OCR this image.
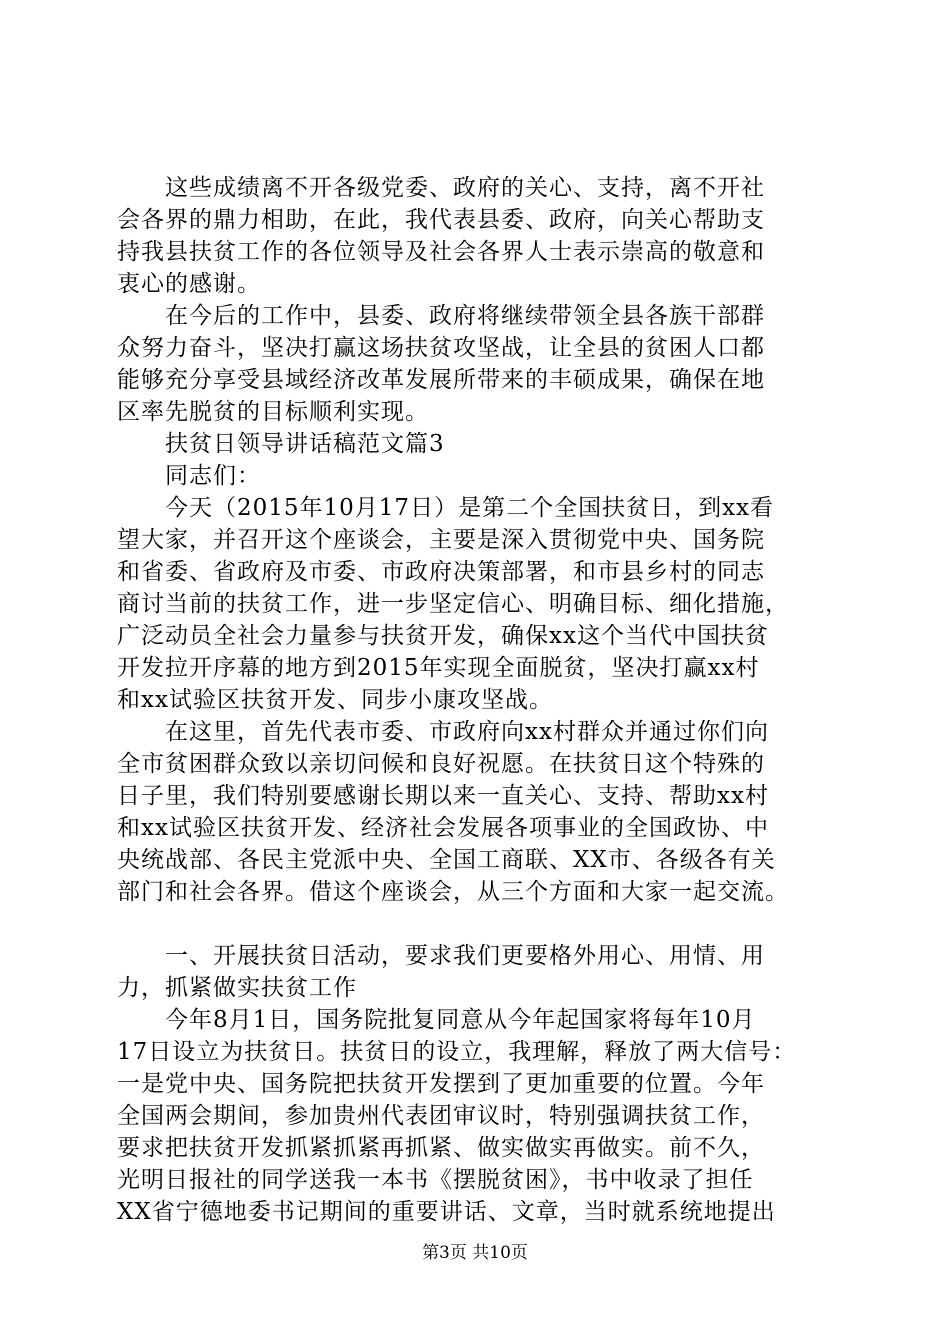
这些成绩离不开各级党委、政府的关心、支持，离不开社
会各界的鼎力相助，在此，我代表县委、政府，向关心帮助支
持我县扶贫工作的各位领导及社会各界人士表示崇高的敬意和
衷心的感谢。
在今后的工作中，县委、政府将继续带领全县各族干部群
众努力奋斗，坚决打赢这场扶贫攻坚战，让全县的贫困人口都
能够充分享受县域经济改革发展所带来的丰硕成果，确保在地
区率先脱贫的目标顺利实现。
扶贫日领导讲话稿范文篇3
同志们：
今天（2015年10月17日）是第二个全国扶贫日，到xx看
望大家，并召开这个座谈会，主要是深入贯彻党中央、国务院
和省委、省政府及市委、市政府决策部署，和市县乡村的同志
商讨当前的扶贫工作，进一步坚定信心、明确目标、细化措施，
广泛动员全社会力量参与扶贫开发，确保xx这个当代中国扶贫
开发拉开序幕的地方到2015年实现全面脱贫，坚决打赢xx村
和xx试验区扶贫开发、同步小康攻坚战。
在这里，首先代表市委、市政府向xx村群众并通过你们向
全市贫困群众致以亲切问候和良好祝愿。在扶贫日这个特殊的
日子里，我们特别要感谢长期以来一直关心、支持、帮助xx村
和xx试验区扶贫开发、经济社会发展各项事业的全国政协、中
央统战部、各民主党派中央、全国工商联、XX市、各级各有关
部门和社会各界。借这个座谈会，从三个方面和大家一起交流。
一、开展扶贫日活动，要求我们更要格外用心、用情、用
力，抓紧做实扶贫工作
今年8月1日，国务院批复同意从今年起国家将每年10月
17日设立为扶贫日。扶贫日的设立，我理解，释放了两大信号：
一是党中央、国务院把扶贫开发摆到了更加重要的位置。今年
全国两会期间，参加贵州代表团审议时，特别强调扶贫工作，
要求把扶贫开发抓紧抓紧再抓紧、做实做实再做实。前不久，
光明日报社的同学送我一本书《摆脱贫困》，书中收录了担任
XX省宁德地委书记期间的重要讲话、文章，当时就系统地提出
第3页 共10页
